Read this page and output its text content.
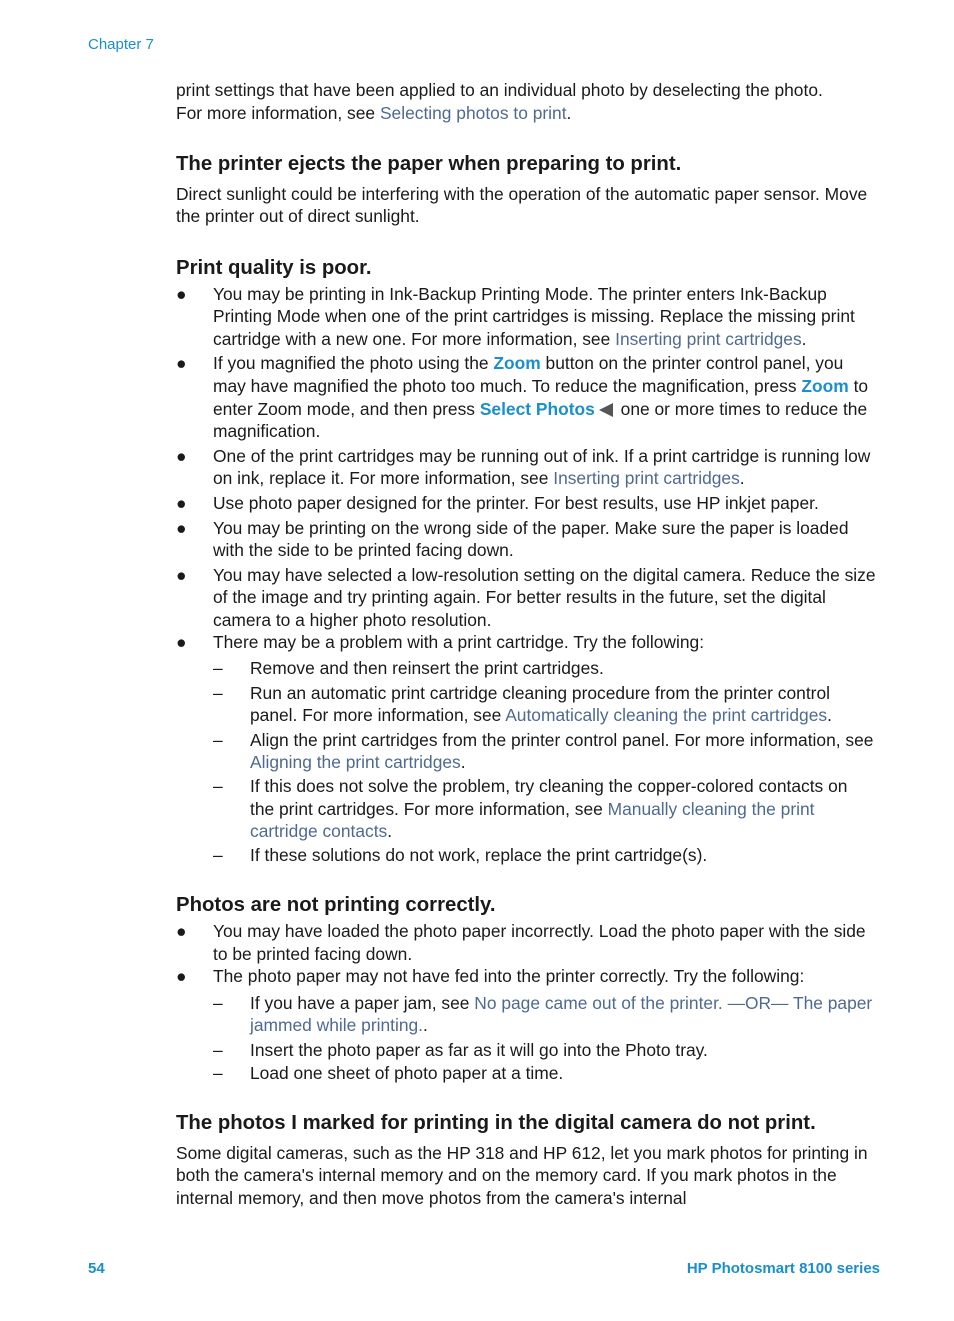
Chapter 7

print settings that have been applied to an individual photo by deselecting the photo.
For more information, see Selecting photos to print.

The printer ejects the paper when preparing to print.

Direct sunlight could be interfering with the operation of the automatic paper sensor. Move the printer out of direct sunlight.

Print quality is poor.
● You may be printing in Ink-Backup Printing Mode. The printer enters Ink-Backup Printing Mode when one of the print cartridges is missing. Replace the missing print cartridge with a new one. For more information, see Inserting print cartridges.
● If you magnified the photo using the Zoom button on the printer control panel, you may have magnified the photo too much. To reduce the magnification, press Zoom to enter Zoom mode, and then press Select Photos one or more times to reduce the magnification.
● One of the print cartridges may be running out of ink. If a print cartridge is running low on ink, replace it. For more information, see Inserting print cartridges.
● Use photo paper designed for the printer. For best results, use HP inkjet paper.
● You may be printing on the wrong side of the paper. Make sure the paper is loaded with the side to be printed facing down.
● You may have selected a low-resolution setting on the digital camera. Reduce the size of the image and try printing again. For better results in the future, set the digital camera to a higher photo resolution.
● There may be a problem with a print cartridge. Try the following:
– Remove and then reinsert the print cartridges.
– Run an automatic print cartridge cleaning procedure from the printer control panel. For more information, see Automatically cleaning the print cartridges.
– Align the print cartridges from the printer control panel. For more information, see Aligning the print cartridges.
– If this does not solve the problem, try cleaning the copper-colored contacts on the print cartridges. For more information, see Manually cleaning the print cartridge contacts.
– If these solutions do not work, replace the print cartridge(s).
Photos are not printing correctly.
● You may have loaded the photo paper incorrectly. Load the photo paper with the side to be printed facing down.
● The photo paper may not have fed into the printer correctly. Try the following:
– If you have a paper jam, see No page came out of the printer. —OR— The paper jammed while printing..
– Insert the photo paper as far as it will go into the Photo tray.
– Load one sheet of photo paper at a time.
The photos I marked for printing in the digital camera do not print.

Some digital cameras, such as the HP 318 and HP 612, let you mark photos for printing in both the camera's internal memory and on the memory card. If you mark photos in the internal memory, and then move photos from the camera's internal

54	HP Photosmart 8100 series
